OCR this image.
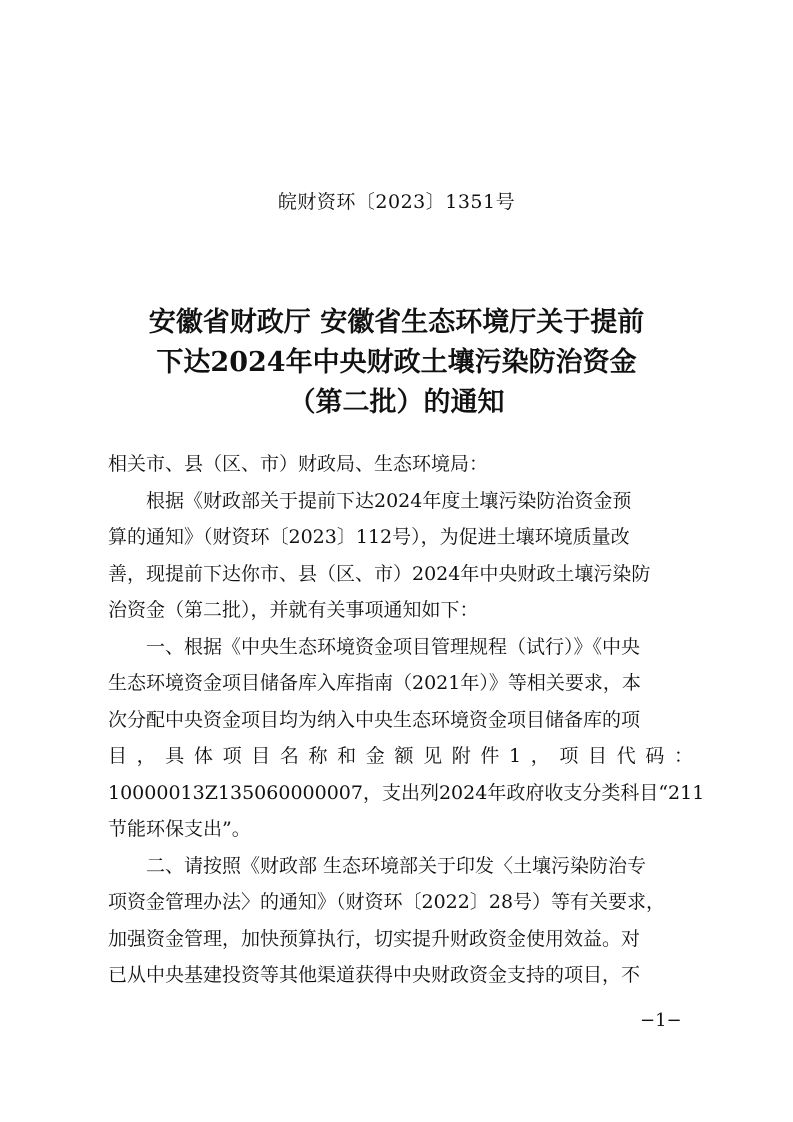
皖财资环〔2023〕1351号
安徽省财政厅 安徽省生态环境厅关于提前
下达2024年中央财政土壤污染防治资金
（第二批）的通知
相关市、县（区、市）财政局、生态环境局：
根据《财政部关于提前下达2024年度土壤污染防治资金预
算的通知》（财资环〔2023〕112号），为促进土壤环境质量改
善，现提前下达你市、县（区、市）2024年中央财政土壤污染防
治资金（第二批），并就有关事项通知如下：
一、根据《中央生态环境资金项目管理规程（试行）》《中央
生态环境资金项目储备库入库指南（2021年）》等相关要求，本
次分配中央资金项目均为纳入中央生态环境资金项目储备库的项
目，具体项目名称和金额见附件1，项目代码：
10000013Z135060000007，支出列2024年政府收支分类科目“211
节能环保支出”。
二、请按照《财政部 生态环境部关于印发〈土壤污染防治专
项资金管理办法〉的通知》（财资环〔2022〕28号）等有关要求，
加强资金管理，加快预算执行，切实提升财政资金使用效益。对
已从中央基建投资等其他渠道获得中央财政资金支持的项目，不
−1−
